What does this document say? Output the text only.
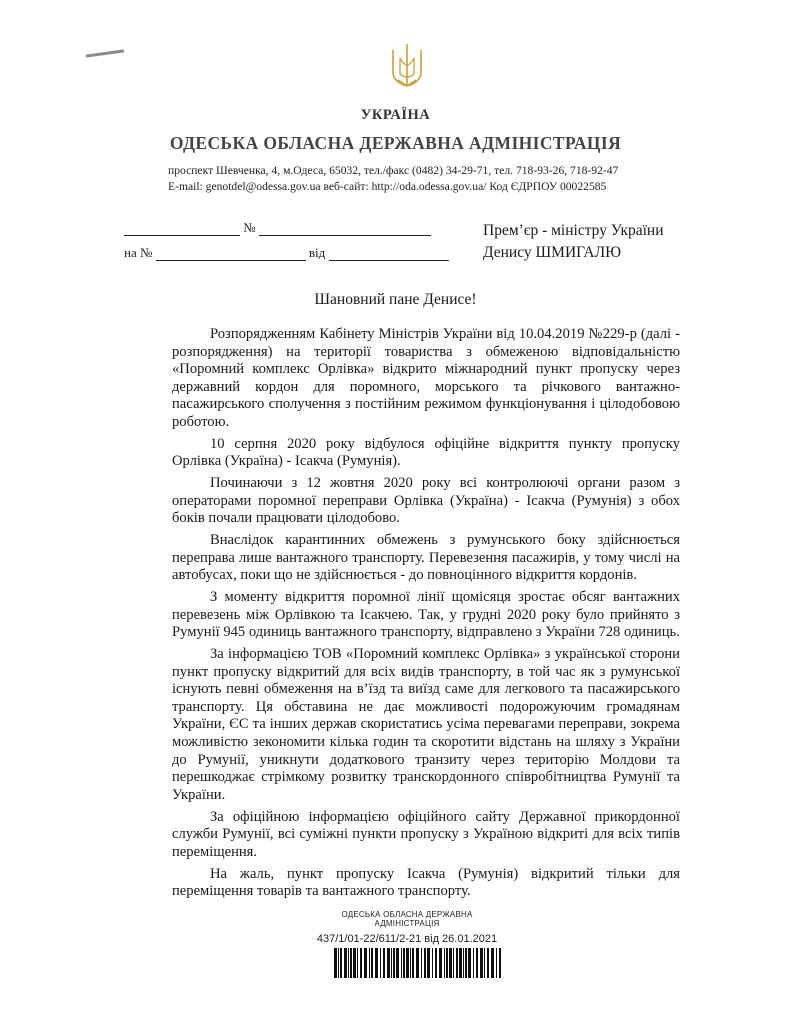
УКРАЇНА
ОДЕСЬКА ОБЛАСНА ДЕРЖАВНА АДМІНІСТРАЦІЯ
проспект Шевченка, 4, м.Одеса, 65032, тел./факс (0482) 34-29-71, тел. 718-93-26, 718-92-47
E-mail: genotdel@odessa.gov.ua веб-сайт: http://oda.odessa.gov.ua/ Код ЄДРПОУ 00022585
№
на №	від
Прем’єр - міністру України
Денису ШМИГАЛЮ
Шановний пане Денисе!

Розпорядженням Кабінету Міністрів України від 10.04.2019 №229-р (далі - розпорядження) на території товариства з обмеженою відповідальністю «Поромний комплекс Орлівка» відкрито міжнародний пункт пропуску через державний кордон для поромного, морського та річкового вантажно-пасажирського сполучення з постійним режимом функціонування і цілодобовою роботою.

10 серпня 2020 року відбулося офіційне відкриття пункту пропуску Орлівка (Україна) - Ісакча (Румунія).

Починаючи з 12 жовтня 2020 року всі контролюючі органи разом з операторами поромної переправи Орлівка (Україна) - Ісакча (Румунія) з обох боків почали працювати цілодобово.

Внаслідок карантинних обмежень з румунського боку здійснюється переправа лише вантажного транспорту. Перевезення пасажирів, у тому числі на автобусах, поки що не здійснюється - до повноцінного відкриття кордонів.

З моменту відкриття поромної лінії щомісяця зростає обсяг вантажних перевезень між Орлівкою та Ісакчею. Так, у грудні 2020 року було прийнято з Румунії 945 одиниць вантажного транспорту, відправлено з України 728 одиниць.

За інформацією ТОВ «Поромний комплекс Орлівка» з української сторони пункт пропуску відкритий для всіх видів транспорту, в той час як з румунської існують певні обмеження на в’їзд та виїзд саме для легкового та пасажирського транспорту. Ця обставина не дає можливості подорожуючим громадянам України, ЄС та інших держав скористатись усіма перевагами переправи, зокрема можливістю зекономити кілька годин та скоротити відстань на шляху з України до Румунії, уникнути додаткового транзиту через територію Молдови та перешкоджає стрімкому розвитку транскордонного співробітництва Румунії та України.

За офіційною інформацією офіційного сайту Державної прикордонної служби Румунії, всі суміжні пункти пропуску з Україною відкриті для всіх типів переміщення.

На жаль, пункт пропуску Ісакча (Румунія) відкритий тільки для переміщення товарів та вантажного транспорту.

ОДЕСЬКА ОБЛАСНА ДЕРЖАВНА АДМІНІСТРАЦІЯ
437/1/01-22/611/2-21 від 26.01.2021
